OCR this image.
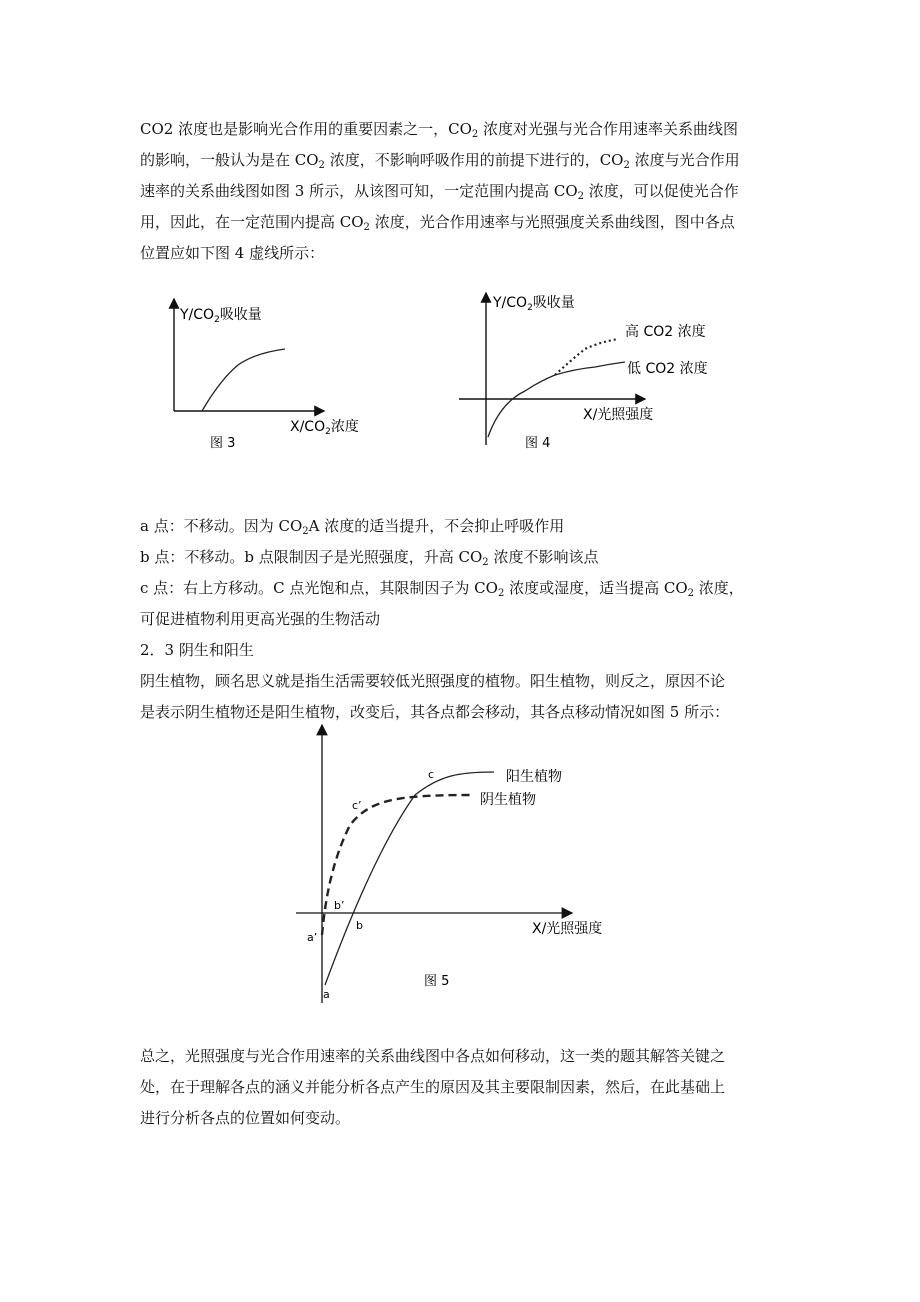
CO2 浓度也是影响光合作用的重要因素之一，$CO_2$ 浓度对光强与光合作用速率关系曲线图
的影响，一般认为是在 $CO_2$ 浓度，不影响呼吸作用的前提下进行的，$CO_2$ 浓度与光合作用
速率的关系曲线图如图 3 所示，从该图可知，一定范围内提高 $CO_2$ 浓度，可以促使光合作
用，因此，在一定范围内提高 $CO_2$ 浓度，光合作用速率与光照强度关系曲线图，图中各点
位置应如下图 4 虚线所示：
$Y/CO_2$吸收量
$X/CO_2$浓度
图 3
$Y/CO_2$吸收量
高 CO2 浓度
低 CO2 浓度
X/光照强度
图 4
a 点：不移动。因为 $CO_2A$ 浓度的适当提升，不会抑止呼吸作用
b 点：不移动。b 点限制因子是光照强度，升高 $CO_2$ 浓度不影响该点
c 点：右上方移动。C 点光饱和点，其限制因子为 $CO_2$ 浓度或湿度，适当提高 $CO_2$ 浓度，
可促进植物利用更高光强的生物活动
2．3 阴生和阳生
阴生植物，顾名思义就是指生活需要较低光照强度的植物。阳生植物，则反之，原因不论
是表示阴生植物还是阳生植物，改变后，其各点都会移动，其各点移动情况如图 5 所示：
阳生植物
阴生植物
c
c’
b’
b
a’
a
X/光照强度
图 5
总之，光照强度与光合作用速率的关系曲线图中各点如何移动，这一类的题其解答关键之
处，在于理解各点的涵义并能分析各点产生的原因及其主要限制因素，然后，在此基础上
进行分析各点的位置如何变动。
